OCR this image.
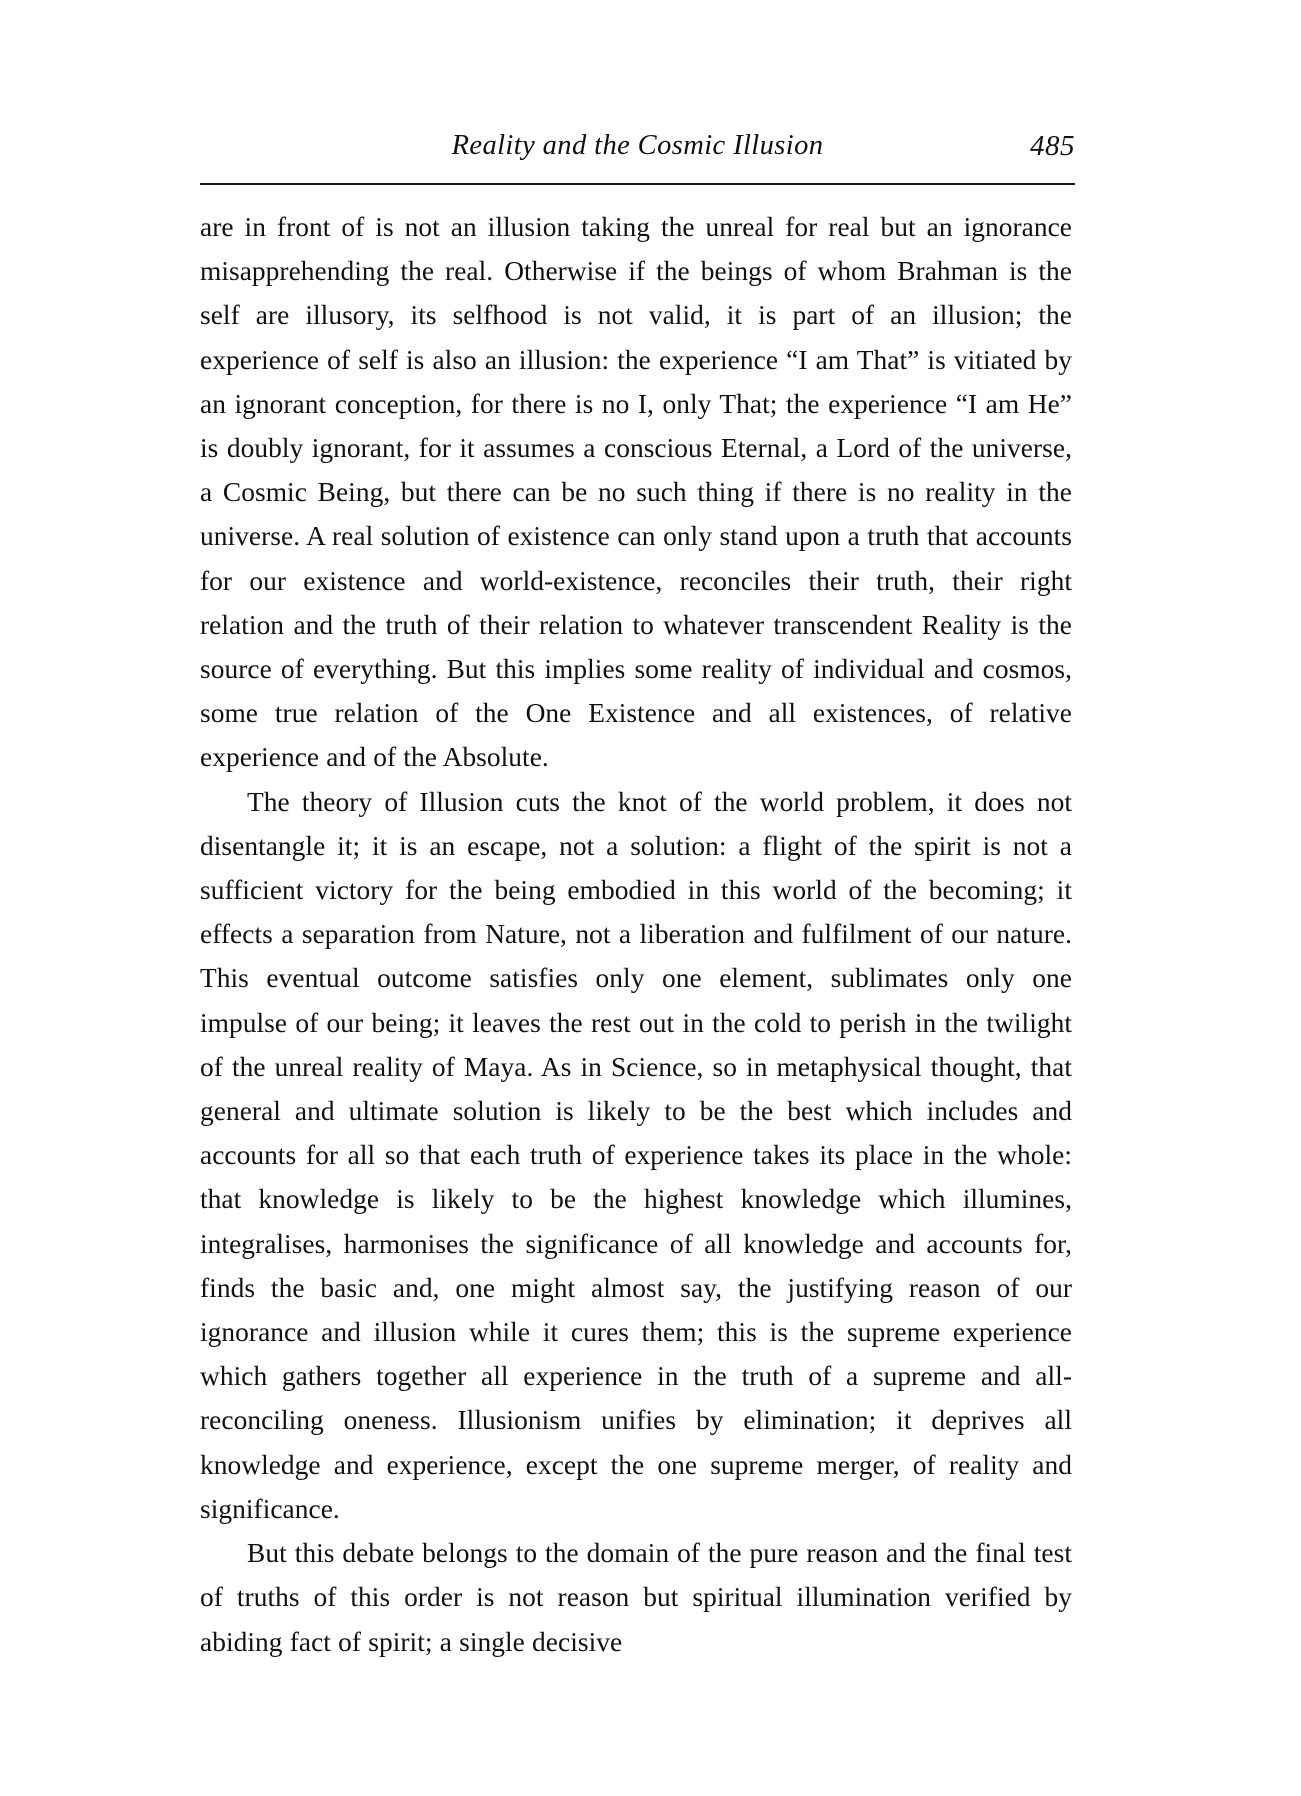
Reality and the Cosmic Illusion	485

are in front of is not an illusion taking the unreal for real but an ignorance misapprehending the real. Otherwise if the beings of whom Brahman is the self are illusory, its selfhood is not valid, it is part of an illusion; the experience of self is also an illusion: the experience “I am That” is vitiated by an ignorant conception, for there is no I, only That; the experience “I am He” is doubly ignorant, for it assumes a conscious Eternal, a Lord of the universe, a Cosmic Being, but there can be no such thing if there is no reality in the universe. A real solution of existence can only stand upon a truth that accounts for our existence and world-existence, reconciles their truth, their right relation and the truth of their relation to whatever transcendent Reality is the source of everything. But this implies some reality of individual and cosmos, some true relation of the One Existence and all existences, of relative experience and of the Absolute.

The theory of Illusion cuts the knot of the world problem, it does not disentangle it; it is an escape, not a solution: a flight of the spirit is not a sufficient victory for the being embodied in this world of the becoming; it effects a separation from Nature, not a liberation and fulfilment of our nature. This eventual outcome satisfies only one element, sublimates only one impulse of our being; it leaves the rest out in the cold to perish in the twilight of the unreal reality of Maya. As in Science, so in metaphysical thought, that general and ultimate solution is likely to be the best which includes and accounts for all so that each truth of experience takes its place in the whole: that knowledge is likely to be the highest knowledge which illumines, integralises, harmonises the significance of all knowledge and accounts for, finds the basic and, one might almost say, the justifying reason of our ignorance and illusion while it cures them; this is the supreme experience which gathers together all experience in the truth of a supreme and all-reconciling oneness. Illusionism unifies by elimination; it deprives all knowledge and experience, except the one supreme merger, of reality and significance.

But this debate belongs to the domain of the pure reason and the final test of truths of this order is not reason but spiritual illumination verified by abiding fact of spirit; a single decisive
